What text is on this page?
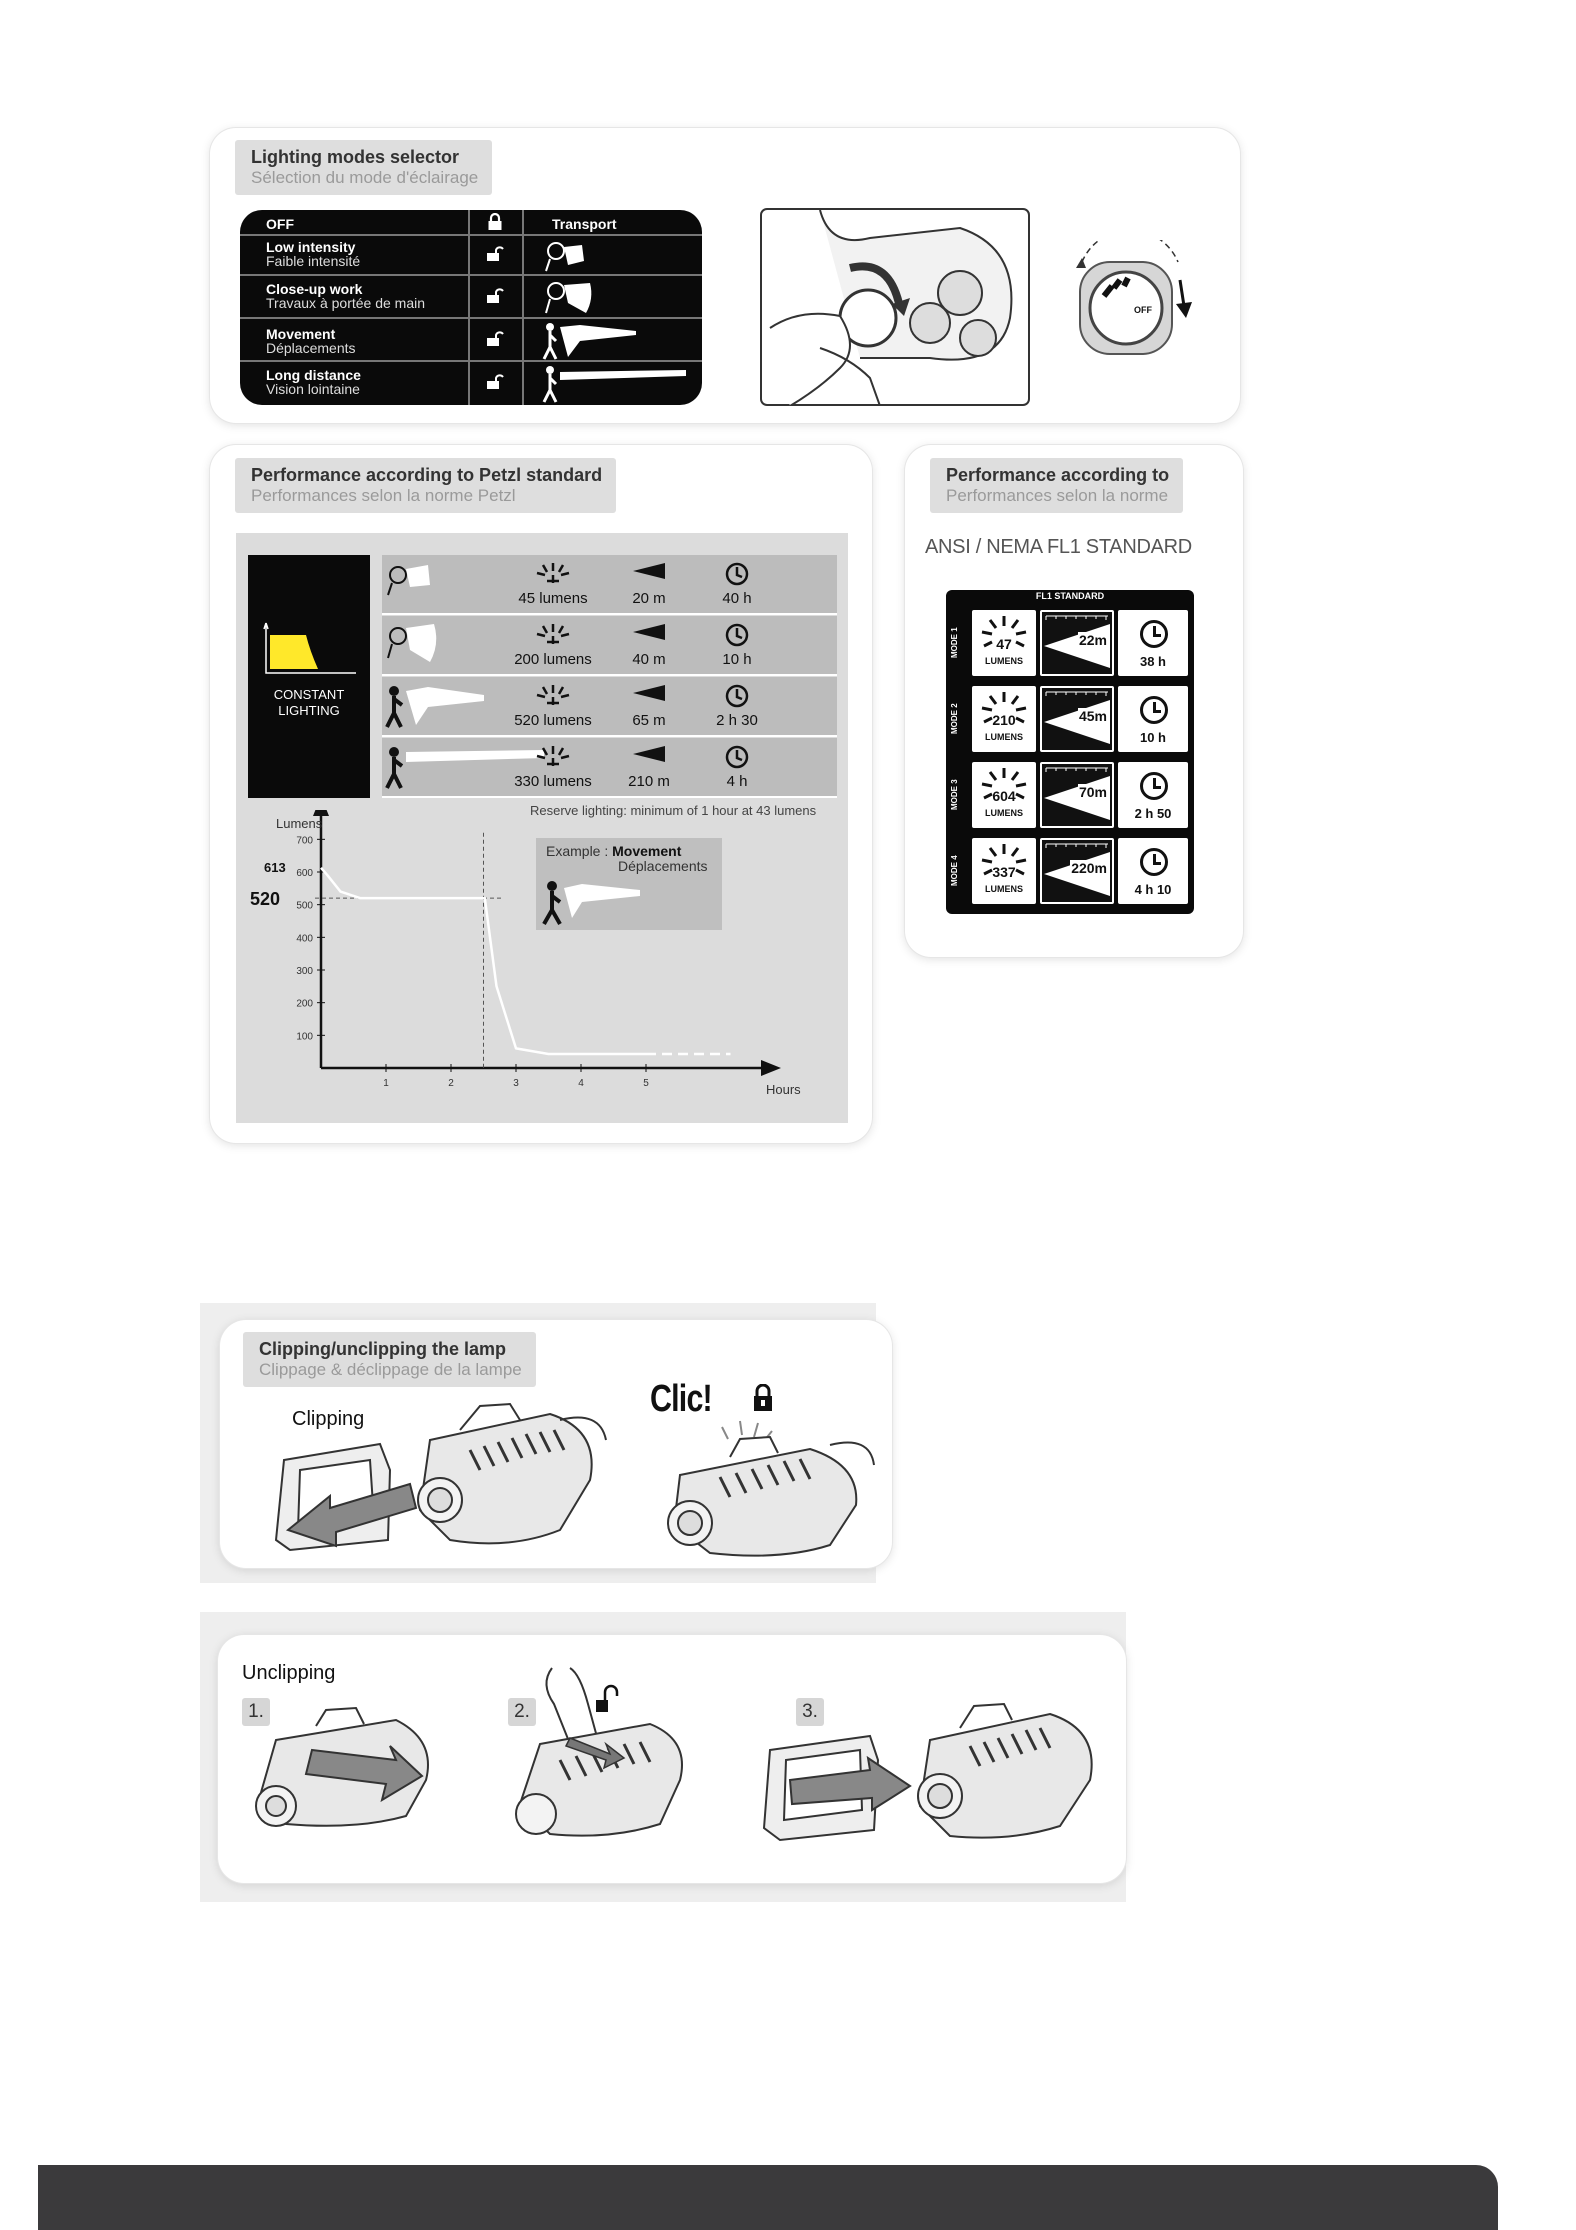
Lighting modes selector
Sélection du mode d'éclairage
Transport
OFF
Low intensity
Faible intensité
Close-up work
Travaux à portée de main
Movement
Déplacements
Long distance
Vision lointaine
OFF
Performance according to Petzl standard
Performances selon la norme Petzl
CONSTANT LIGHTING
45 lumens	20 m	40 h
200 lumens	40 m	10 h
520 lumens	65 m	2 h 30
330 lumens	210 m	4 h
Reserve lighting: minimum of 1 hour at 43 lumens
100
200
300
400
500
600
700
1	2	3	4	5
Lumens
Hours
613
520
Example : Movement
Déplacements
Performance according to
Performances selon la norme
ANSI / NEMA FL1 STANDARD
FL1 STANDARD
MODE 1	47
LUMENS
22m
38 h
MODE 2	210
LUMENS
45m
10 h
MODE 3	604
LUMENS
70m
2 h 50
MODE 4	337
LUMENS
220m
4 h 10
Clipping/unclipping the lamp
Clippage & déclippage de la lampe
Clipping	Clic!
Unclipping
1.	2.	3.
